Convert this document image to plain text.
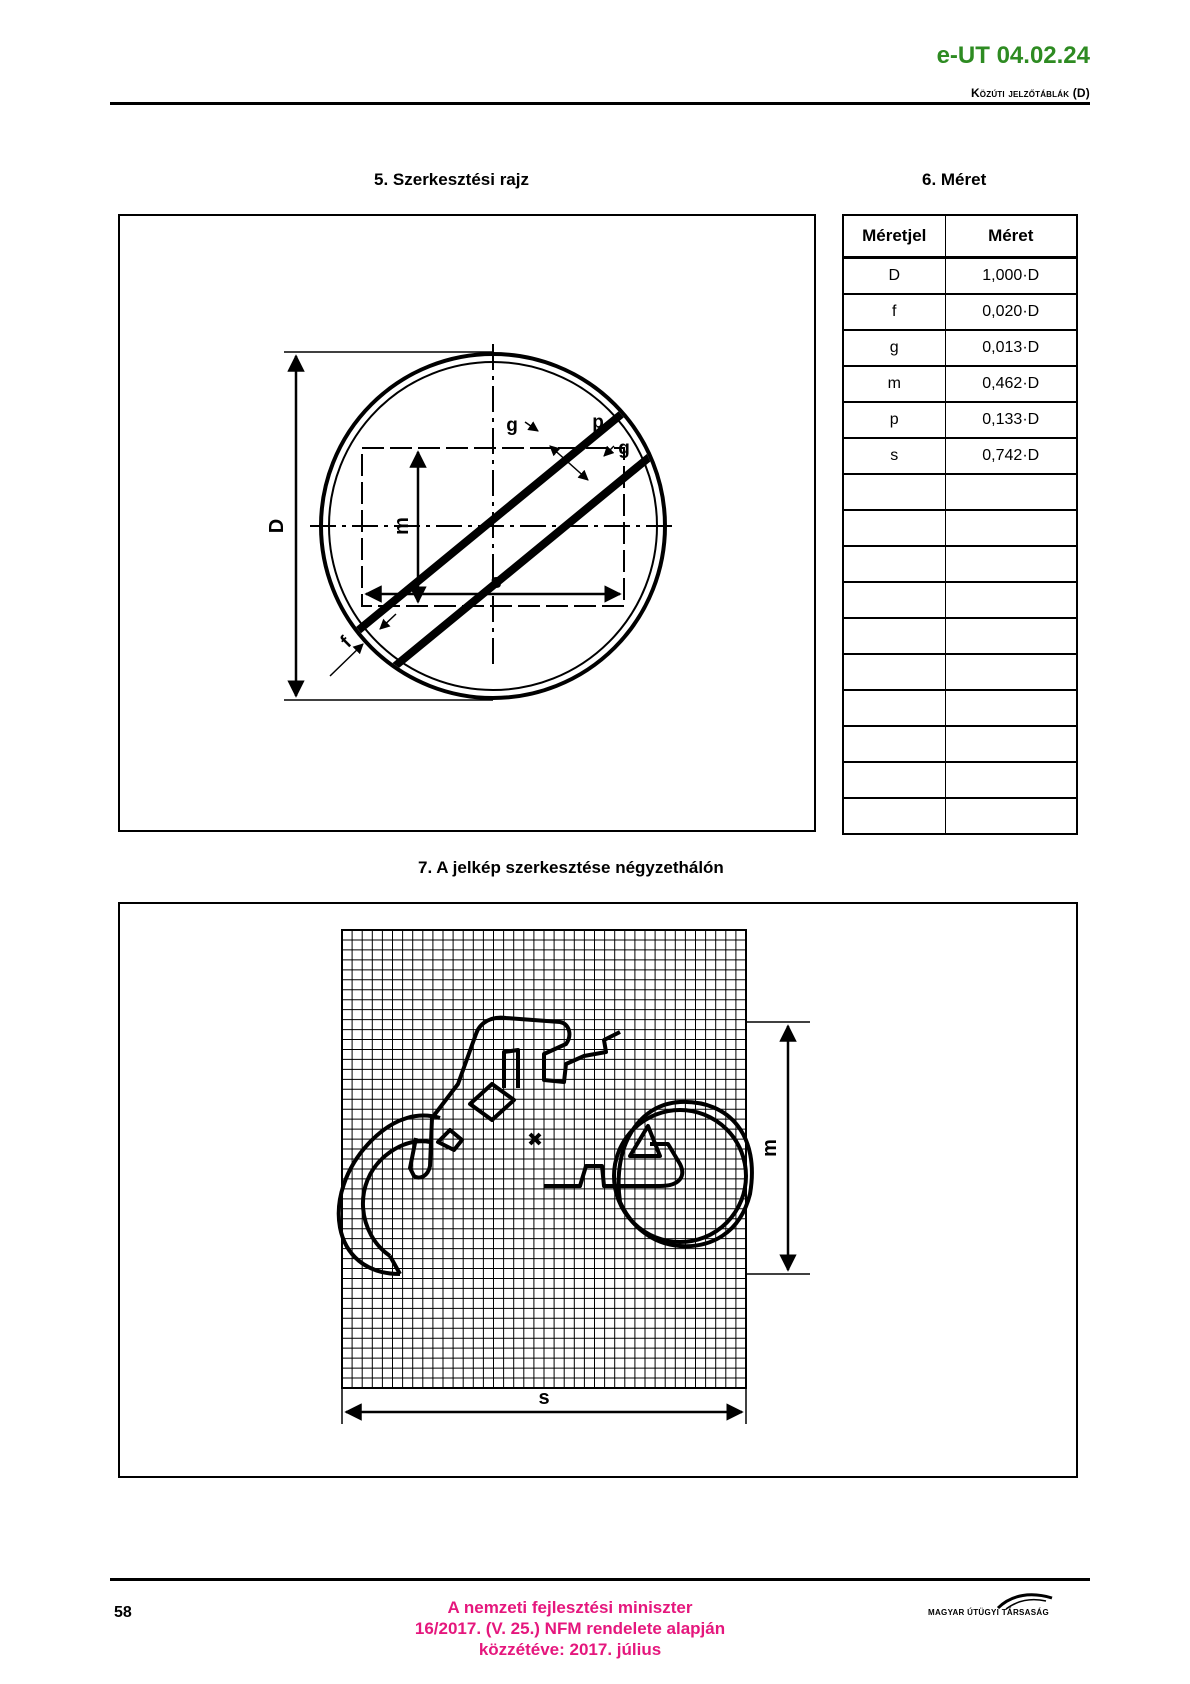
e-UT 04.02.24
Közúti jelzőtáblák (D)
5. Szerkesztési rajz	6. Méret
D	m
s
g	p
g
f
Méretjel	Méret
D	1,000·D
f	0,020·D
g	0,013·D
m	0,462·D
p	0,133·D
s	0,742·D

7. A jelkép szerkesztése négyzethálón
m
s
58	A nemzeti fejlesztési miniszter
16/2017. (V. 25.) NFM rendelete alapján
közzétéve: 2017. július
MAGYAR ÚTÜGYI TÁRSASÁG
